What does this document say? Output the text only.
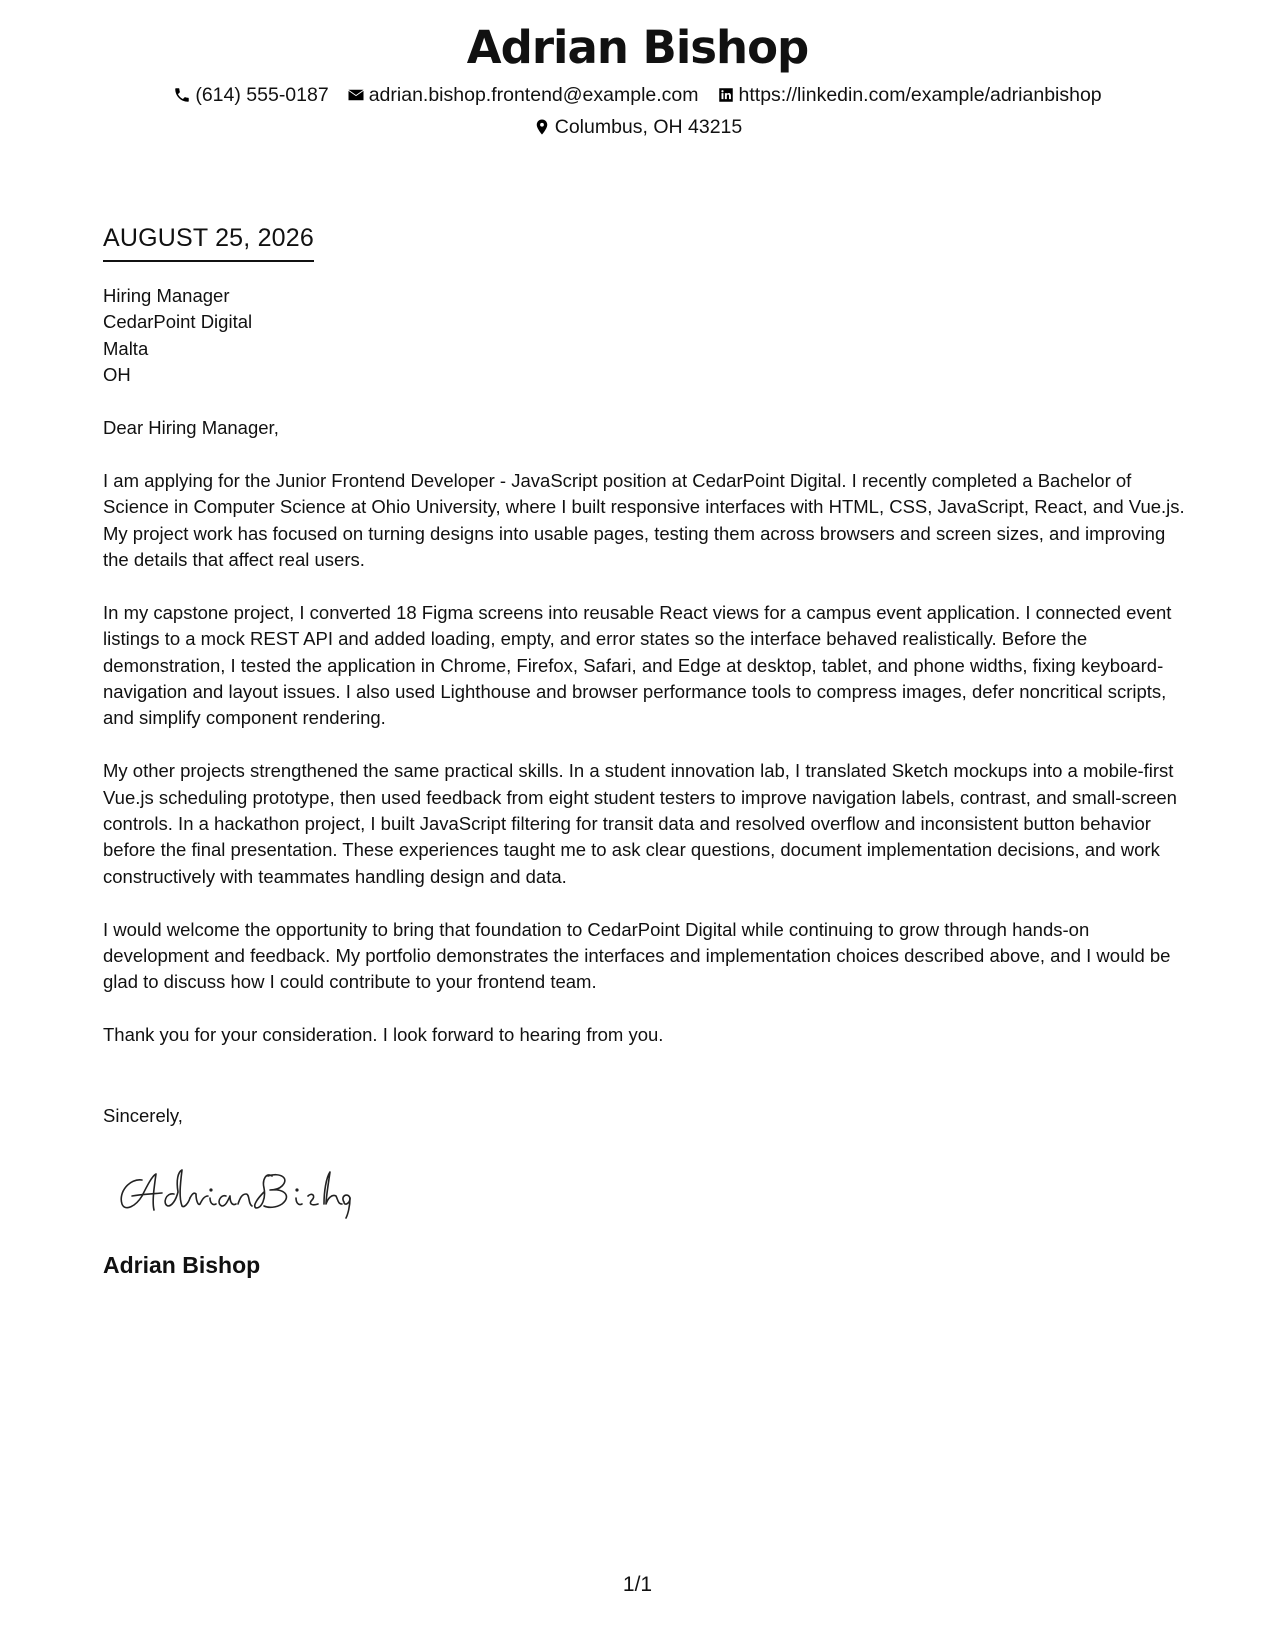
Adrian Bishop
(614) 555-0187 adrian.bishop.frontend@example.com https://linkedin.com/example/adrianbishop
Columbus, OH 43215
AUGUST 25, 2026
Hiring Manager
CedarPoint Digital
Malta
OH

Dear Hiring Manager,

I am applying for the Junior Frontend Developer - JavaScript position at CedarPoint Digital. I recently completed a Bachelor of Science in Computer Science at Ohio University, where I built responsive interfaces with HTML, CSS, JavaScript, React, and Vue.js. My project work has focused on turning designs into usable pages, testing them across browsers and screen sizes, and improving the details that affect real users.

In my capstone project, I converted 18 Figma screens into reusable React views for a campus event application. I connected event listings to a mock REST API and added loading, empty, and error states so the interface behaved realistically. Before the demonstration, I tested the application in Chrome, Firefox, Safari, and Edge at desktop, tablet, and phone widths, fixing keyboard-navigation and layout issues. I also used Lighthouse and browser performance tools to compress images, defer noncritical scripts, and simplify component rendering.

My other projects strengthened the same practical skills. In a student innovation lab, I translated Sketch mockups into a mobile-first Vue.js scheduling prototype, then used feedback from eight student testers to improve navigation labels, contrast, and small-screen controls. In a hackathon project, I built JavaScript filtering for transit data and resolved overflow and inconsistent button behavior before the final presentation. These experiences taught me to ask clear questions, document implementation decisions, and work constructively with teammates handling design and data.

I would welcome the opportunity to bring that foundation to CedarPoint Digital while continuing to grow through hands-on development and feedback. My portfolio demonstrates the interfaces and implementation choices described above, and I would be glad to discuss how I could contribute to your frontend team.

Thank you for your consideration. I look forward to hearing from you.

Sincerely,
Adrian Bishop
1/1
